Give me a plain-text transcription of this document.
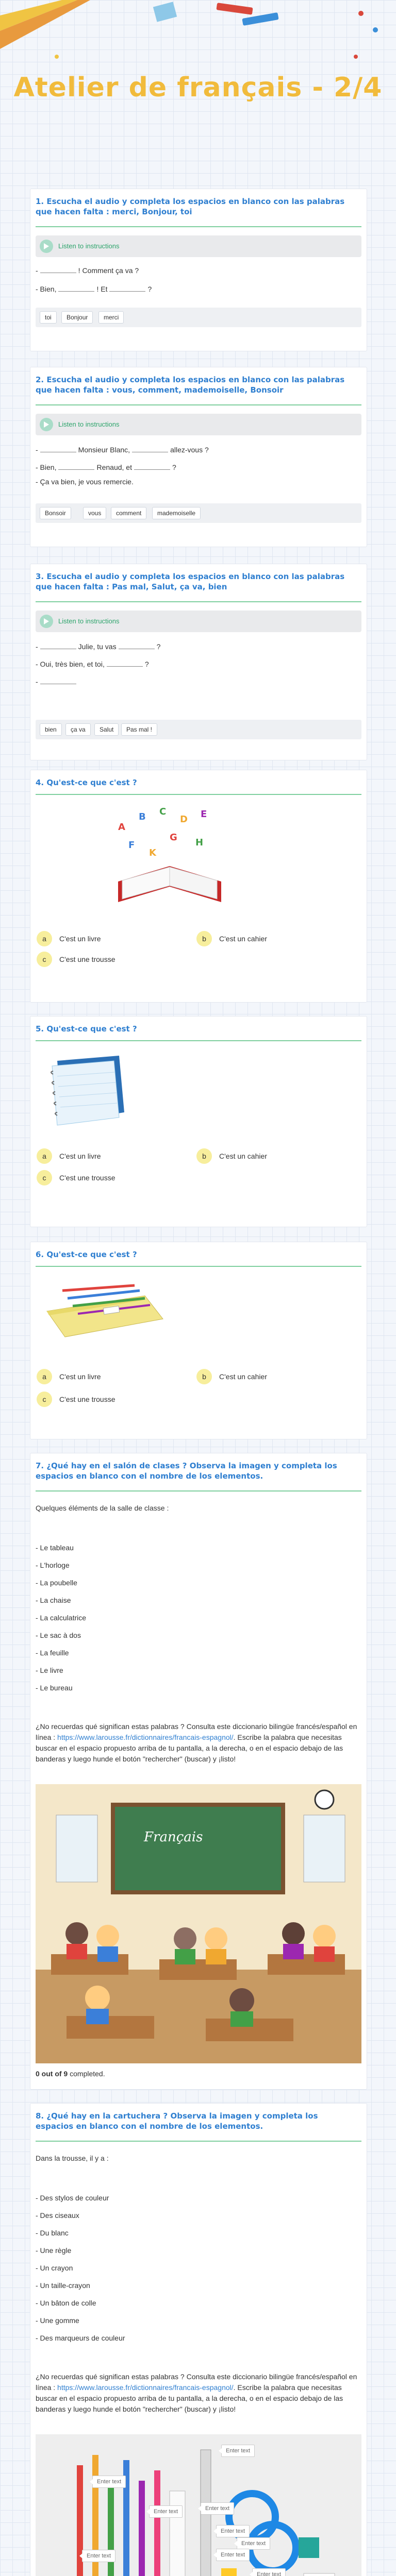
Atelier de français - 2/4

1. Escucha el audio y completa los espacios en blanco con las palabras que hacen falta : merci, Bonjour, toi

Listen to instructions
-	! Comment ça va ?
- Bien,	! Et	?
toi	Bonjour	merci

2. Escucha el audio y completa los espacios en blanco con las palabras que hacen falta : vous, comment, mademoiselle, Bonsoir

Listen to instructions
-	Monsieur Blanc,	allez-vous ?
- Bien,	Renaud, et	?
- Ça va bien, je vous remercie.
Bonsoir	vous	comment	mademoiselle

3. Escucha el audio y completa los espacios en blanco con las palabras que hacen falta : Pas mal, Salut, ça va, bien

Listen to instructions
-	Julie, tu vas	?
- Oui, très bien, et toi,	?
-
bien	ça va	Salut	Pas mal !

4. Qu'est-ce que c'est ?

A
B C
D E
F
G H
K
a	C'est un livre	b	C'est un cahier
c	C'est une trousse

5. Qu'est-ce que c'est ?

a	C'est un livre	b	C'est un cahier
c	C'est une trousse

6. Qu'est-ce que c'est ?

a	C'est un livre	b	C'est un cahier
c	C'est une trousse

7. ¿Qué hay en el salón de clases ? Observa la imagen y completa los espacios en blanco con el nombre de los elementos.

Quelques éléments de la salle de classe :

- Le tableau
- L'horloge
- La poubelle
- La chaise
- La calculatrice
- Le sac à dos
- La feuille
- Le livre
- Le bureau

¿No recuerdas qué significan estas palabras ? Consulta este diccionario bilingüe francés/español en línea : https://www.larousse.fr/dictionnaires/francais-espagnol/. Escribe la palabra que necesitas buscar en el espacio propuesto arriba de tu pantalla, a la derecha, o en el espacio debajo de las banderas y luego hunde el botón "rechercher" (buscar) y ¡listo!

Français
0 out of 9 completed.

8. ¿Qué hay en la cartuchera ? Observa la imagen y completa los espacios en blanco con el nombre de los elementos.

Dans la trousse, il y a :

- Des stylos de couleur
- Des ciseaux
- Du blanc
- Une règle
- Un crayon
- Un taille-crayon
- Un bâton de colle
- Une gomme
- Des marqueurs de couleur

¿No recuerdas qué significan estas palabras ? Consulta este diccionario bilingüe francés/español en línea : https://www.larousse.fr/dictionnaires/francais-espagnol/. Escribe la palabra que necesitas buscar en el espacio propuesto arriba de tu pantalla, a la derecha, o en el espacio debajo de las banderas y luego hunde el botón "rechercher" (buscar) y ¡listo!

Enter text
Enter text
Enter text
Enter text
Enter text
Enter text
Enter text	Enter text
Enter text
